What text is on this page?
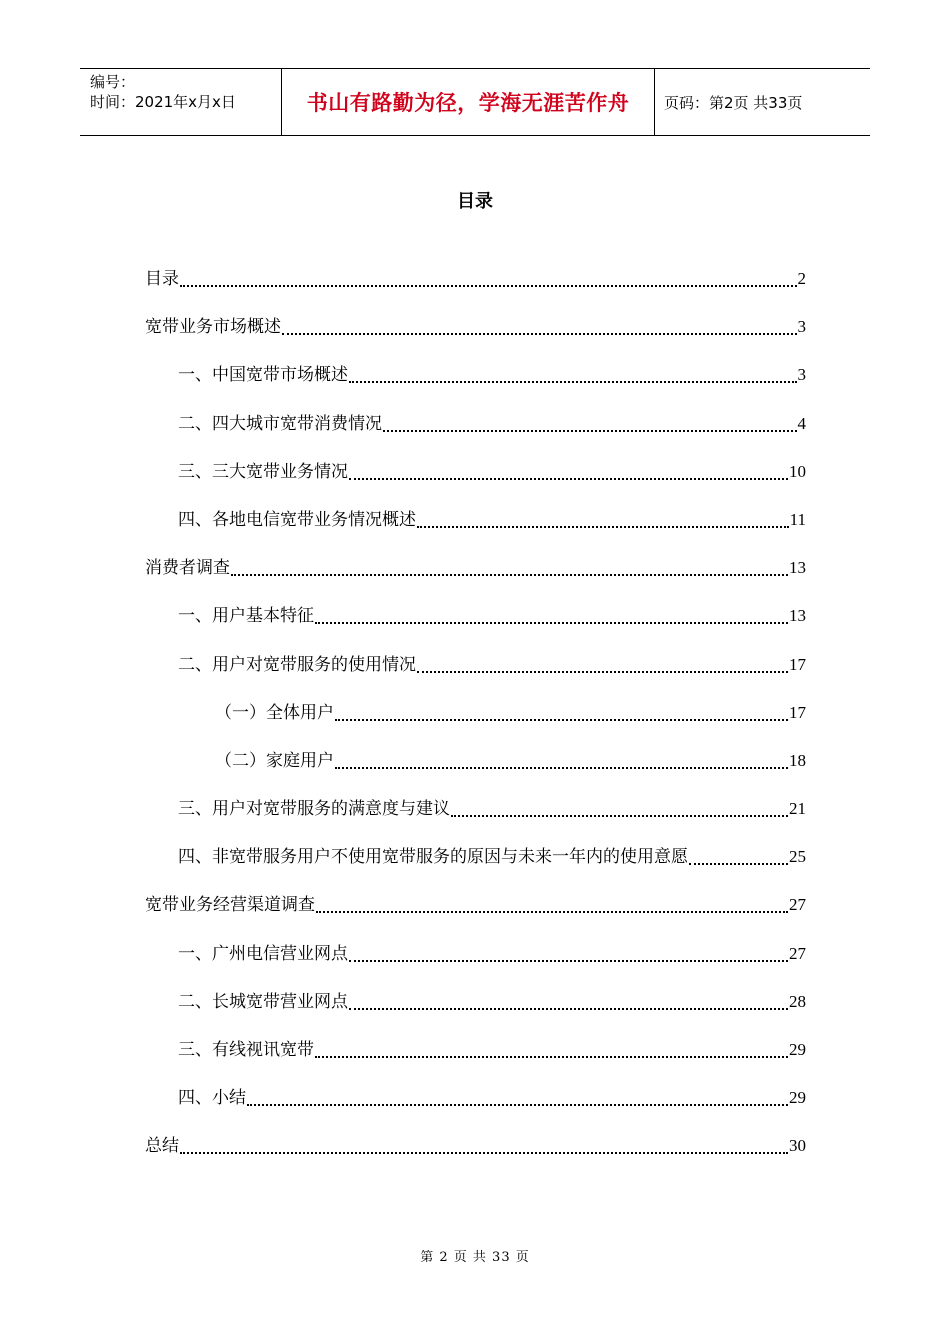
编号：
时间：2021年x月x日	书山有路勤为径，学海无涯苦作舟 页码：第2页 共33页
目录
目录	2
宽带业务市场概述	3
一、中国宽带市场概述	3
二、四大城市宽带消费情况	4
三、三大宽带业务情况	10
四、各地电信宽带业务情况概述	11
消费者调查	13
一、用户基本特征	13
二、用户对宽带服务的使用情况	17
（一）全体用户	17
（二）家庭用户	18
三、用户对宽带服务的满意度与建议	21
四、非宽带服务用户不使用宽带服务的原因与未来一年内的使用意愿	25
宽带业务经营渠道调查	27
一、广州电信营业网点	27
二、长城宽带营业网点	28
三、有线视讯宽带	29
四、小结	29
总结	30
第 2 页 共 33 页
